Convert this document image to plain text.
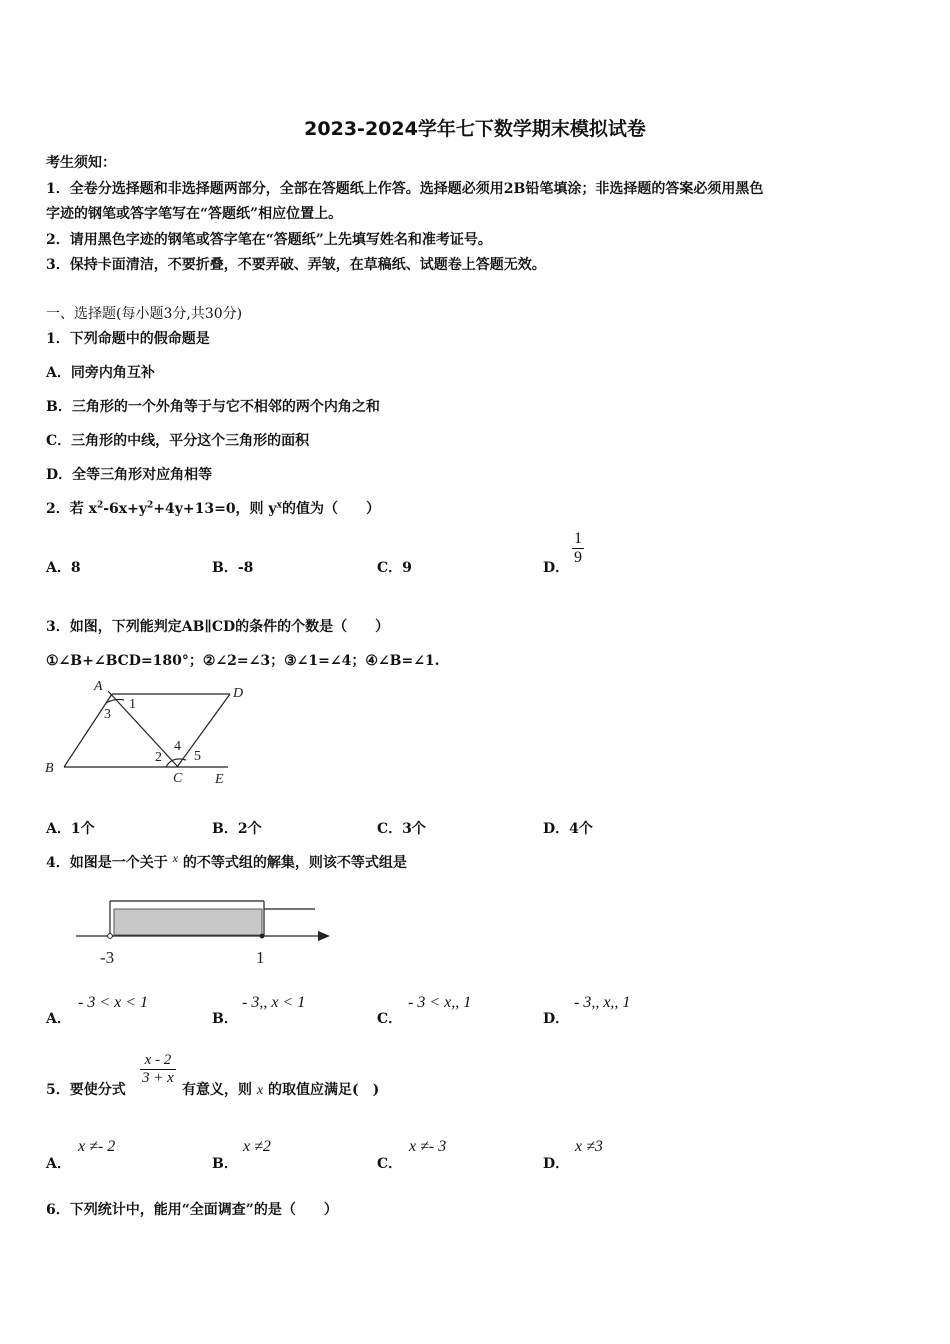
2023-2024学年七下数学期末模拟试卷
考生须知：
1．全卷分选择题和非选择题两部分，全部在答题纸上作答。选择题必须用2B铅笔填涂；非选择题的答案必须用黑色
字迹的钢笔或答字笔写在“答题纸”相应位置上。
2．请用黑色字迹的钢笔或答字笔在“答题纸”上先填写姓名和准考证号。
3．保持卡面清洁，不要折叠，不要弄破、弄皱，在草稿纸、试题卷上答题无效。
一、选择题(每小题3分,共30分)
1．下列命题中的假命题是
A．同旁内角互补
B．三角形的一个外角等于与它不相邻的两个内角之和
C．三角形的中线，平分这个三角形的面积
D．全等三角形对应角相等
2．若 $x^2-6x+y^2+4y+13=0$，则 $y^x$的值为（　　）
A．8	B．-8	C．9	D．
$\frac{1}{9}$
3．如图，下列能判定AB∥CD的条件的个数是（　　）
①∠B+∠BCD=180°；②∠2=∠3；③∠1=∠4；④∠B=∠1.
A	D
B
C E
1
2
3
4
5
A．1个	B．2个	C．3个	D．4个
4．如图是一个关于 x 的不等式组的解集，则该不等式组是
-3	1
A．
- 3 < x < 1
B．
- 3,, x < 1
C．
- 3 < x,, 1
D．
- 3,, x,, 1
5．要使分式
$\frac{x - 2}{3 + x}$
有意义，则 x 的取值应满足(　)
A．
x ≠- 2
B．
x ≠2
C．
x ≠- 3
D．
x ≠3
6．下列统计中，能用“全面调查”的是（　　）
